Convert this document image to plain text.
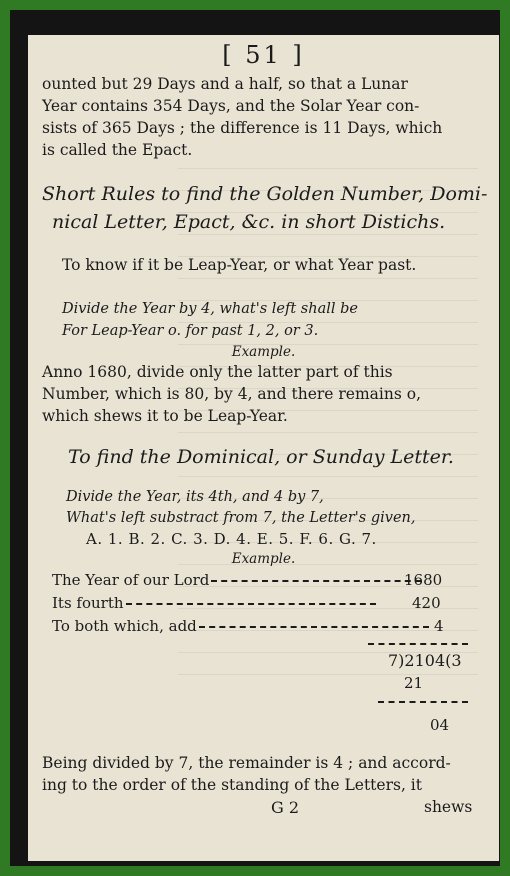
[ 51 ]
ounted but 29 Days and a half, so that a Lunar
Year contains 354 Days, and the Solar Year con-
sists of 365 Days ; the difference is 11 Days, which
is called the Epact.
Short Rules to find the Golden Number, Domi-
nical Letter, Epact, &c. in short Distichs.
To know if it be Leap-Year, or what Year past.
Divide the Year by 4, what's left shall be
For Leap-Year o. for past 1, 2, or 3.
Example.
Anno 1680, divide only the latter part of this
Number, which is 80, by 4, and there remains o,
which shews it to be Leap-Year.
To find the Dominical, or Sunday Letter.
Divide the Year, its 4th, and 4 by 7,
What's left substract from 7, the Letter's given,
A. 1. B. 2. C. 3. D. 4. E. 5. F. 6. G. 7.
Example.
The Year of our Lord
Its fourth
To both which, add
1680
420
4
7)2104(3
21
04
Being divided by 7, the remainder is 4 ; and accord-
ing to the order of the standing of the Letters, it
G 2	shews
